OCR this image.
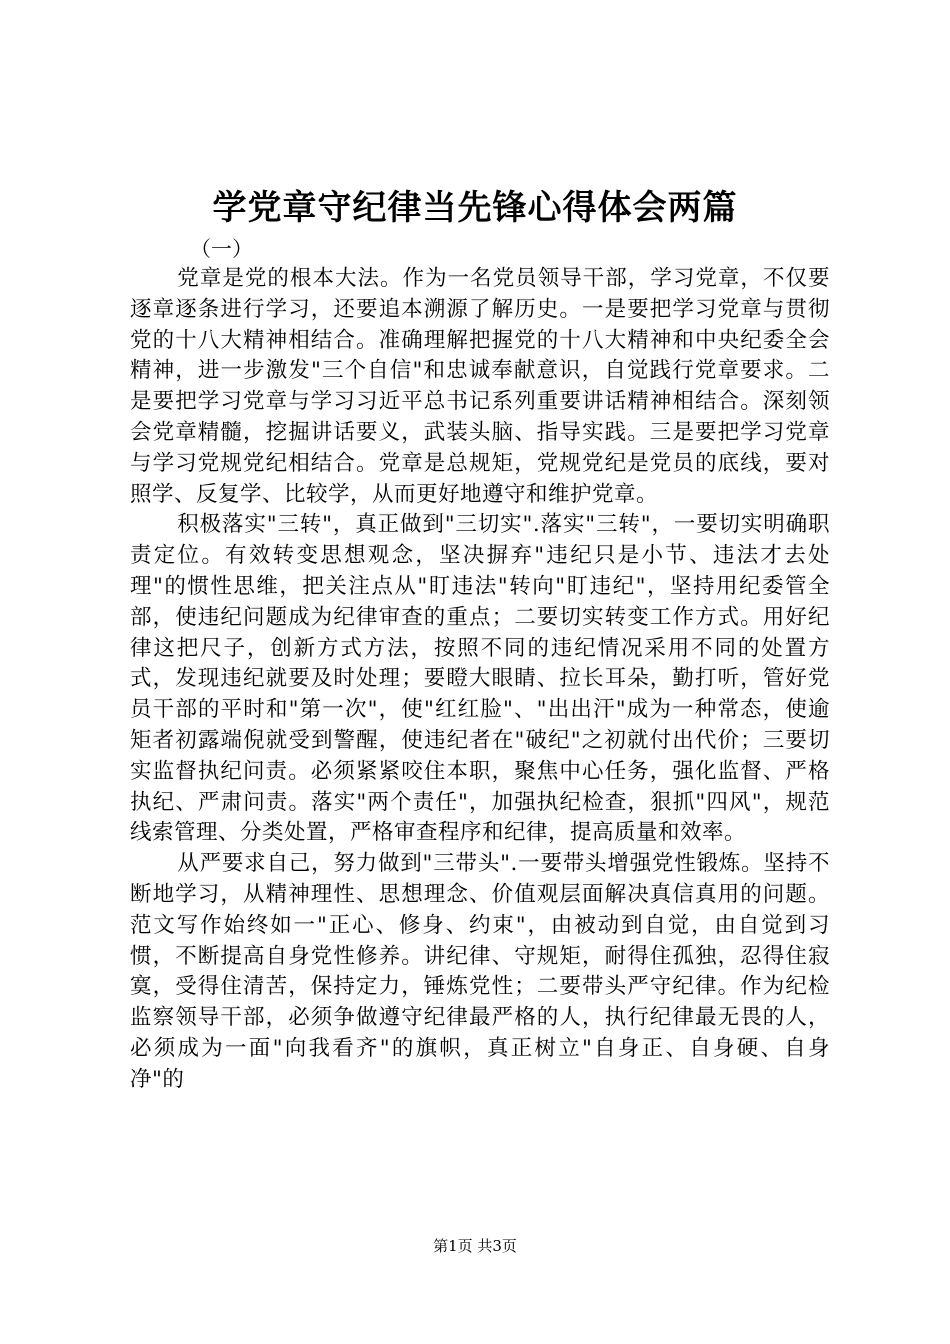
学党章守纪律当先锋心得体会两篇

（一）

党章是党的根本大法。作为一名党员领导干部，学习党章，不仅要逐章逐条进行学习，还要追本溯源了解历史。一是要把学习党章与贯彻党的十八大精神相结合。准确理解把握党的十八大精神和中央纪委全会精神，进一步激发"三个自信"和忠诚奉献意识，自觉践行党章要求。二是要把学习党章与学习习近平总书记系列重要讲话精神相结合。深刻领会党章精髓，挖掘讲话要义，武装头脑、指导实践。三是要把学习党章与学习党规党纪相结合。党章是总规矩，党规党纪是党员的底线，要对照学、反复学、比较学，从而更好地遵守和维护党章。

积极落实"三转"，真正做到"三切实".落实"三转"，一要切实明确职责定位。有效转变思想观念，坚决摒弃"违纪只是小节、违法才去处理"的惯性思维，把关注点从"盯违法"转向"盯违纪"，坚持用纪委管全部，使违纪问题成为纪律审查的重点；二要切实转变工作方式。用好纪律这把尺子，创新方式方法，按照不同的违纪情况采用不同的处置方式，发现违纪就要及时处理；要瞪大眼睛、拉长耳朵，勤打听，管好党员干部的平时和"第一次"，使"红红脸"、"出出汗"成为一种常态，使逾矩者初露端倪就受到警醒，使违纪者在"破纪"之初就付出代价；三要切实监督执纪问责。必须紧紧咬住本职，聚焦中心任务，强化监督、严格执纪、严肃问责。落实"两个责任"，加强执纪检查，狠抓"四风"，规范线索管理、分类处置，严格审查程序和纪律，提高质量和效率。

从严要求自己，努力做到"三带头".一要带头增强党性锻炼。坚持不断地学习，从精神理性、思想理念、价值观层面解决真信真用的问题。范文写作始终如一"正心、修身、约束"，由被动到自觉，由自觉到习惯，不断提高自身党性修养。讲纪律、守规矩，耐得住孤独，忍得住寂寞，受得住清苦，保持定力，锤炼党性；二要带头严守纪律。作为纪检监察领导干部，必须争做遵守纪律最严格的人，执行纪律最无畏的人，必须成为一面"向我看齐"的旗帜，真正树立"自身正、自身硬、自身净"的

第1页 共3页
